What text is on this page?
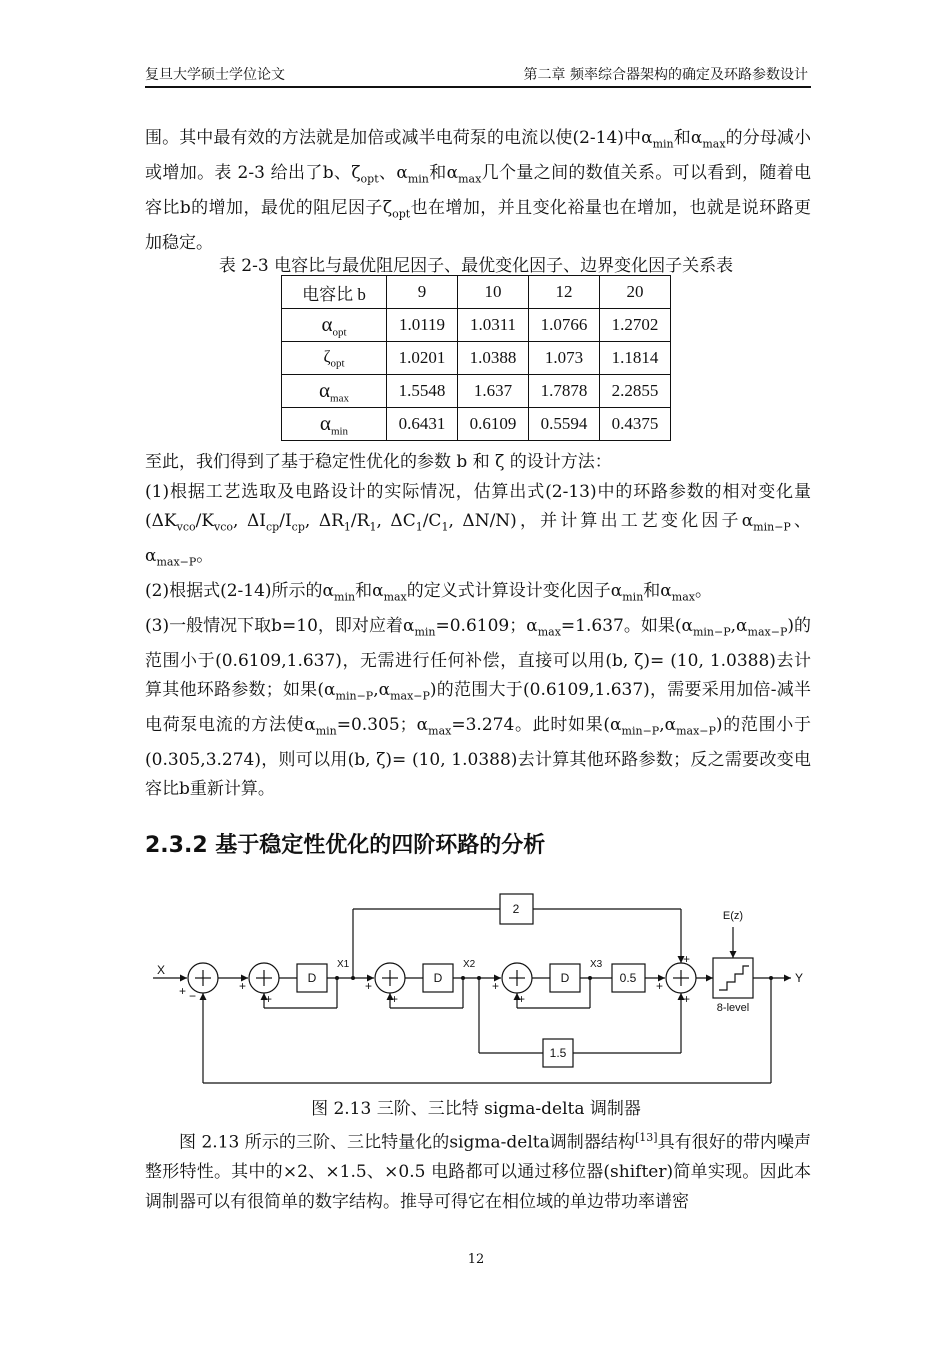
复旦大学硕士学位论文	第二章 频率综合器架构的确定及环路参数设计

围。其中最有效的方法就是加倍或减半电荷泵的电流以使(2-14)中$\alpha_{min}$和$\alpha_{max}$的分母减小或增加。表 2-3 给出了b、$\zeta_{opt}$、$\alpha_{min}$和$\alpha_{max}$几个量之间的数值关系。可以看到，随着电容比b的增加，最优的阻尼因子$\zeta_{opt}$也在增加，并且变化裕量也在增加，也就是说环路更加稳定。

表 2-3 电容比与最优阻尼因子、最优变化因子、边界变化因子关系表
电容比 b	9	10	12	20
$\alpha_{opt}$	1.0119	1.0311	1.0766	1.2702
$\zeta_{opt}$	1.0201	1.0388	1.073	1.1814
$\alpha_{max}$	1.5548	1.637	1.7878	2.2855
$\alpha_{min}$	0.6431	0.6109	0.5594	0.4375

至此，我们得到了基于稳定性优化的参数 b 和 ζ 的设计方法：

(1)根据工艺选取及电路设计的实际情况，估算出式(2-13)中的环路参数的相对变化量($\Delta K_{vco}/K_{vco}$, $\Delta I_{cp}/I_{cp}$, $\Delta R_1/R_1$, $\Delta C_1/C_1$, ΔN/N)，并计算出工艺变化因子$\alpha_{min-P}$、$\alpha_{max-P}$。

(2)根据式(2-14)所示的$\alpha_{min}$和$\alpha_{max}$的定义式计算设计变化因子$\alpha_{min}$和$\alpha_{max}$。

(3)一般情况下取b=10，即对应着$\alpha_{min}=0.6109$；$\alpha_{max}=1.637$。如果$(\alpha_{min-P},\alpha_{max-P})$的范围小于(0.6109,1.637)，无需进行任何补偿，直接可以用(b, ζ)= (10, 1.0388)去计算其他环路参数；如果$(\alpha_{min-P},\alpha_{max-P})$的范围大于(0.6109,1.637)，需要采用加倍-减半电荷泵电流的方法使$\alpha_{min}=0.305$；$\alpha_{max}=3.274$。此时如果$(\alpha_{min-P},\alpha_{max-P})$的范围小于(0.305,3.274)，则可以用(b, ζ)= (10, 1.0388)去计算其他环路参数；反之需要改变电容比b重新计算。

2.3.2 基于稳定性优化的四阶环路的分析
X
Y
D	D	D
2
0.5
1.5
X1	X2	X3
8-level
E(z)
+ −
+
+
+
+
+
+
+
+
+
图 2.13 三阶、三比特 sigma-delta 调制器

图 2.13 所示的三阶、三比特量化的sigma-delta调制器结构[13]具有很好的带内噪声整形特性。其中的×2、×1.5、×0.5 电路都可以通过移位器(shifter)简单实现。因此本调制器可以有很简单的数字结构。推导可得它在相位域的单边带功率谱密

12
